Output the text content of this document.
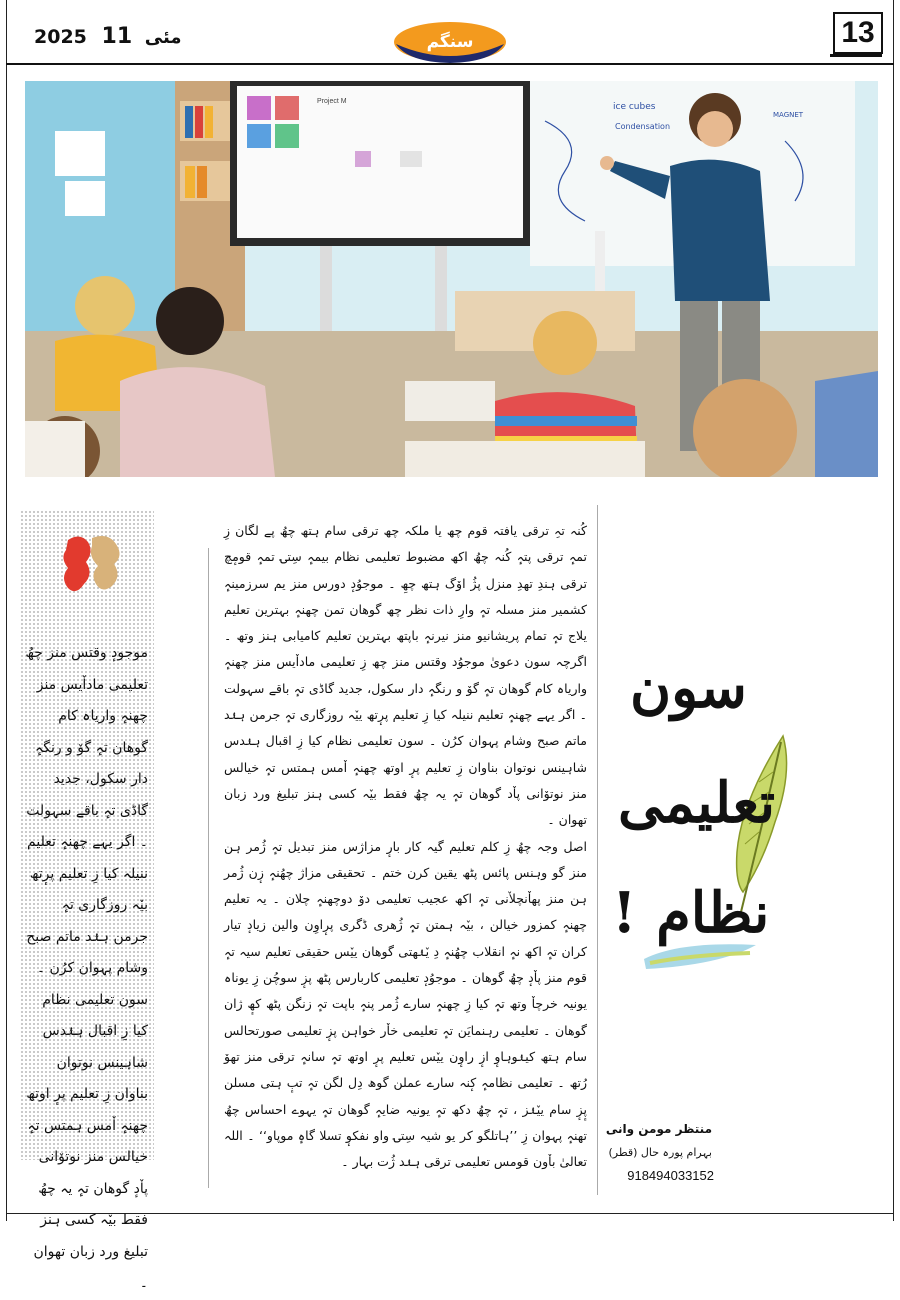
2025	مئی 11	سنگم	13
Project M
ice cubes
Condensation
MAGNET
موجودٕ وقتس منز چھُ تعلیمی ماداٚیس منز چھنہٕ واریاہ کام گوھان تہٕ گوٚ و رنگہٕ دار سکول، جدید گاڈی تہٕ باقے سہولت ۔ اگر یہے چھنہٕ تعلیم ننیلہ کیا زِ تعلیم پرٕتھ بیٚہ روزگاری تہٕ جرمن ہنٛد ماتم صبح وشام پہوان کرُن ۔ سون تعلیمی نظام کیا زِ اقبال ہنٛدس شاہینس نوتوان بناوان زِ تعلیم پرٕ اوتھ چھنہٕ اٚمس ہمتس تہٕ خیالس منز نوتوٚانی پاٚدٕ گوھان تہٕ یہ چھُ فقط بیٚہ کسی ہنز تبلیغ ورد زبان تھوان ۔

کُنہ تہِ ترقی یافتہ قوم چھ یا ملکہ چھ ترقی سام ہتھ چھُ پے لگان زِ تمہٕ ترقی پتہٕ کُنہ چھُ اکھ مضبوط تعلیمی نظام بیمہٕ سِتۍ تمہٕ قومٕچ ترقی ہندِ تھدِ منزل پژُ اوٚگ ہتھ چھِ ۔ موجوُدٕ دورس منز یم سرزمینہٕ کشمیر منز مسلہ تہٕ وارِ ذات نظر چھ گوھان تمن چھنہٕ بہترین تعلیم یلاج تہٕ تمام پریشانیو منز نیرنہٕ باپتھ بہترین تعلیم کامیابی ہنز وتھ ۔ اگرچہ سون دعویٰ موجوُد وقتس منز چھ زِ تعلیمی ماداٚیس منز چھنہٕ واریاہ کام گوھان تہٕ گوٚ و رنگہٕ دار سکول، جدید گاڈی تہٕ باقے سہولت ۔ اگر یہے چھنہٕ تعلیم ننیلہ کیا زِ تعلیم پرٕتھ ییٚہ روزگاری تہٕ جرمن ہنٛد ماتم صبح وشام پہوان کرُن ۔ سون تعلیمی نظام کیا زِ اقبال ہنٛدس شاہینس نوتوان بناوان زِ تعلیم پرٕ اوتھ چھنہٕ اٚمس ہمتس تہٕ خیالس منز نوتوٚانی پاٚد گوھان تہٕ یہ چھُ فقط بیٚہ کسی ہنز تبلیغ ورد زبان تھوان ۔

اصل وجہ چھُ زِ کلم تعلیم گیہ کار بارٕ مزاژس منز تبدیل تہٕ ژُمر ہن منز گو وہنس پائس پٹھ یقین کرن ختم ۔ تحقیقی مزاژ چھُنہٕ زٕن ژُمر ہن منز پھاٚنچلاٚنی تہٕ اکھ عجیب تعلیمی دوٚ دوچھنہٕ چلان ۔ یہ تعلیم چھنہٕ کمزور خیالن ، بیٚہ ہمتن تہٕ ژُھری ڈگری پرٕاوِن والین زیادٕ تیار کران تہٕ اکھ نہٕ انقلاب چھُنہٕ دِ یٚنٛھتی گوھان ییٚس حقیقی تعلیم سیہ تہٕ قوم منز پاٚدٕ چھُ گوھان ۔ موجوُدٕ تعلیمی کاربارس پٹھ پزٕ سوچُن زِ یوناہ یونیہ خرچاٚ وتھ تہٕ کیا زِ چھنہٕ سارے ژُمر پنہٕ باپت تہٕ زنگن پٹھ کھٕ ژان گوھان ۔ تعلیمی رہنمایَن تہٕ تعلیمی خاٚر خواہن پزٕ تعلیمی صورتحالس سام ہتھ کینٛوہاوٕ ازٕ راوٕن ییٚس تعلیم پرٕ اوتھ تہٕ سانہٕ ترقی منز تھوٚ رُتھ ۔ تعلیمی نظامہٕ کٕنہ سارے عملن گوھ دِل لگن تہٕ تبٕ ہتی مسلن پٕزٕ سام ییٚنٛز ، تہٕ چھُ دکھ تہٕ یونیہ ضایہٕ گوھان تہٕ یہوے احساس چھُ تھنہٕ پہوان زِ ’’ہاتلگو کر یو شیہ سِتۍ واو نفکوٕ تسلا گاہٕ موپاو‘‘ ۔ اللہ تعالیٰ باٚون قومس تعلیمی ترقی ہنٛد ژُت بہار ۔

سون
تعلیمی
نظام !
منتظر مومن وانی
بہرام پورہ حال (قطر)
918494033152
